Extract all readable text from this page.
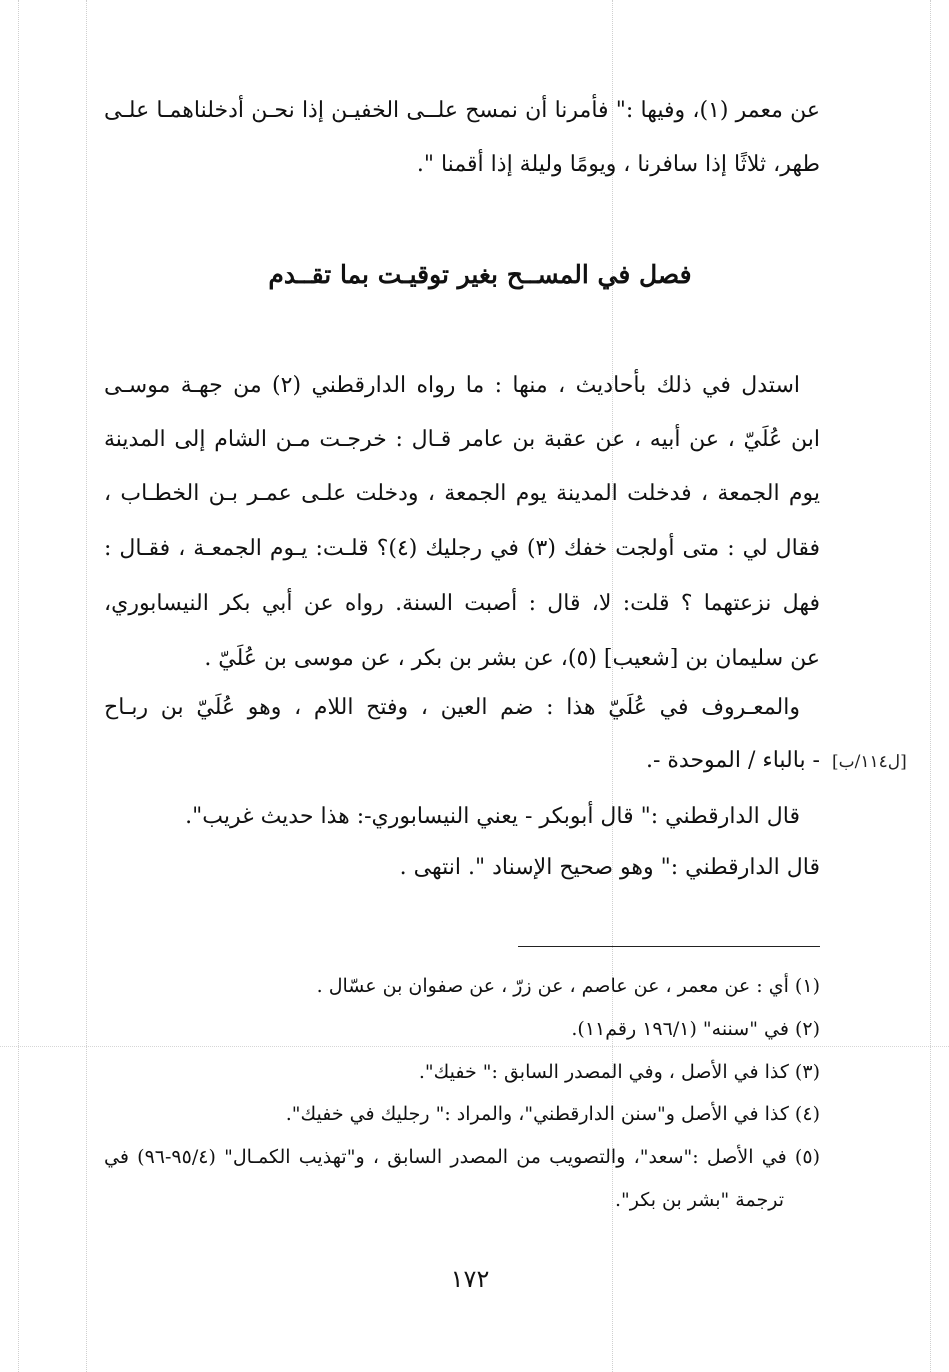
عن معمر (١)، وفيها :" فأمرنا أن نمسح علــى الخفيـن إذا نحـن أدخلناهمـا علـى
طهر، ثلاثًا إذا سافرنا ، ويومًا وليلة إذا أقمنا ".
فصل في المســح بغير توقيـت بما تقــدم
استدل في ذلك بأحاديث ، منها : ما رواه الدارقطني (٢) من جهـة موسـى
ابن عُلَيّ ، عن أبيه ، عن عقبة بن عامر قـال : خرجـت مـن الشام إلى المدينة
يوم الجمعة ، فدخلت المدينة يوم الجمعة ، ودخلت علـى عمـر بـن الخطـاب ،
فقال لي : متى أولجت خفك (٣) في رجليك (٤)؟ قلـت: يـوم الجمعـة ، فقـال :
فهل نزعتهما ؟ قلت: لا، قال : أصبت السنة. رواه عن أبي بكر النيسابوري،
عن سليمان بن [شعيب] (٥)، عن بشر بن بكر ، عن موسى بن عُلَيّ .
والمعـروف في عُلَيّ هذا : ضم العين ، وفتح اللام ، وهو عُلَيّ بن ربـاح
- بالباء / الموحدة -. [ل١١٤/ب]
قال الدارقطني :" قال أبوبكر - يعني النيسابوري-: هذا حديث غريب".
قال الدارقطني :" وهو صحيح الإسناد ". انتهى .
(١) أي : عن معمر ، عن عاصم ، عن زرّ ، عن صفوان بن عسّال .
(٢) في "سننه" (١٩٦/١ رقم١١).
(٣) كذا في الأصل ، وفي المصدر السابق :" خفيك".
(٤) كذا في الأصل و"سنن الدارقطني"، والمراد :" رجليك في خفيك".
(٥) في الأصل :"سعد"، والتصويب من المصدر السابق ، و"تهذيب الكمـال" (٩٥/٤-٩٦) في
ترجمة "بشر بن بكر".
١٧٢
